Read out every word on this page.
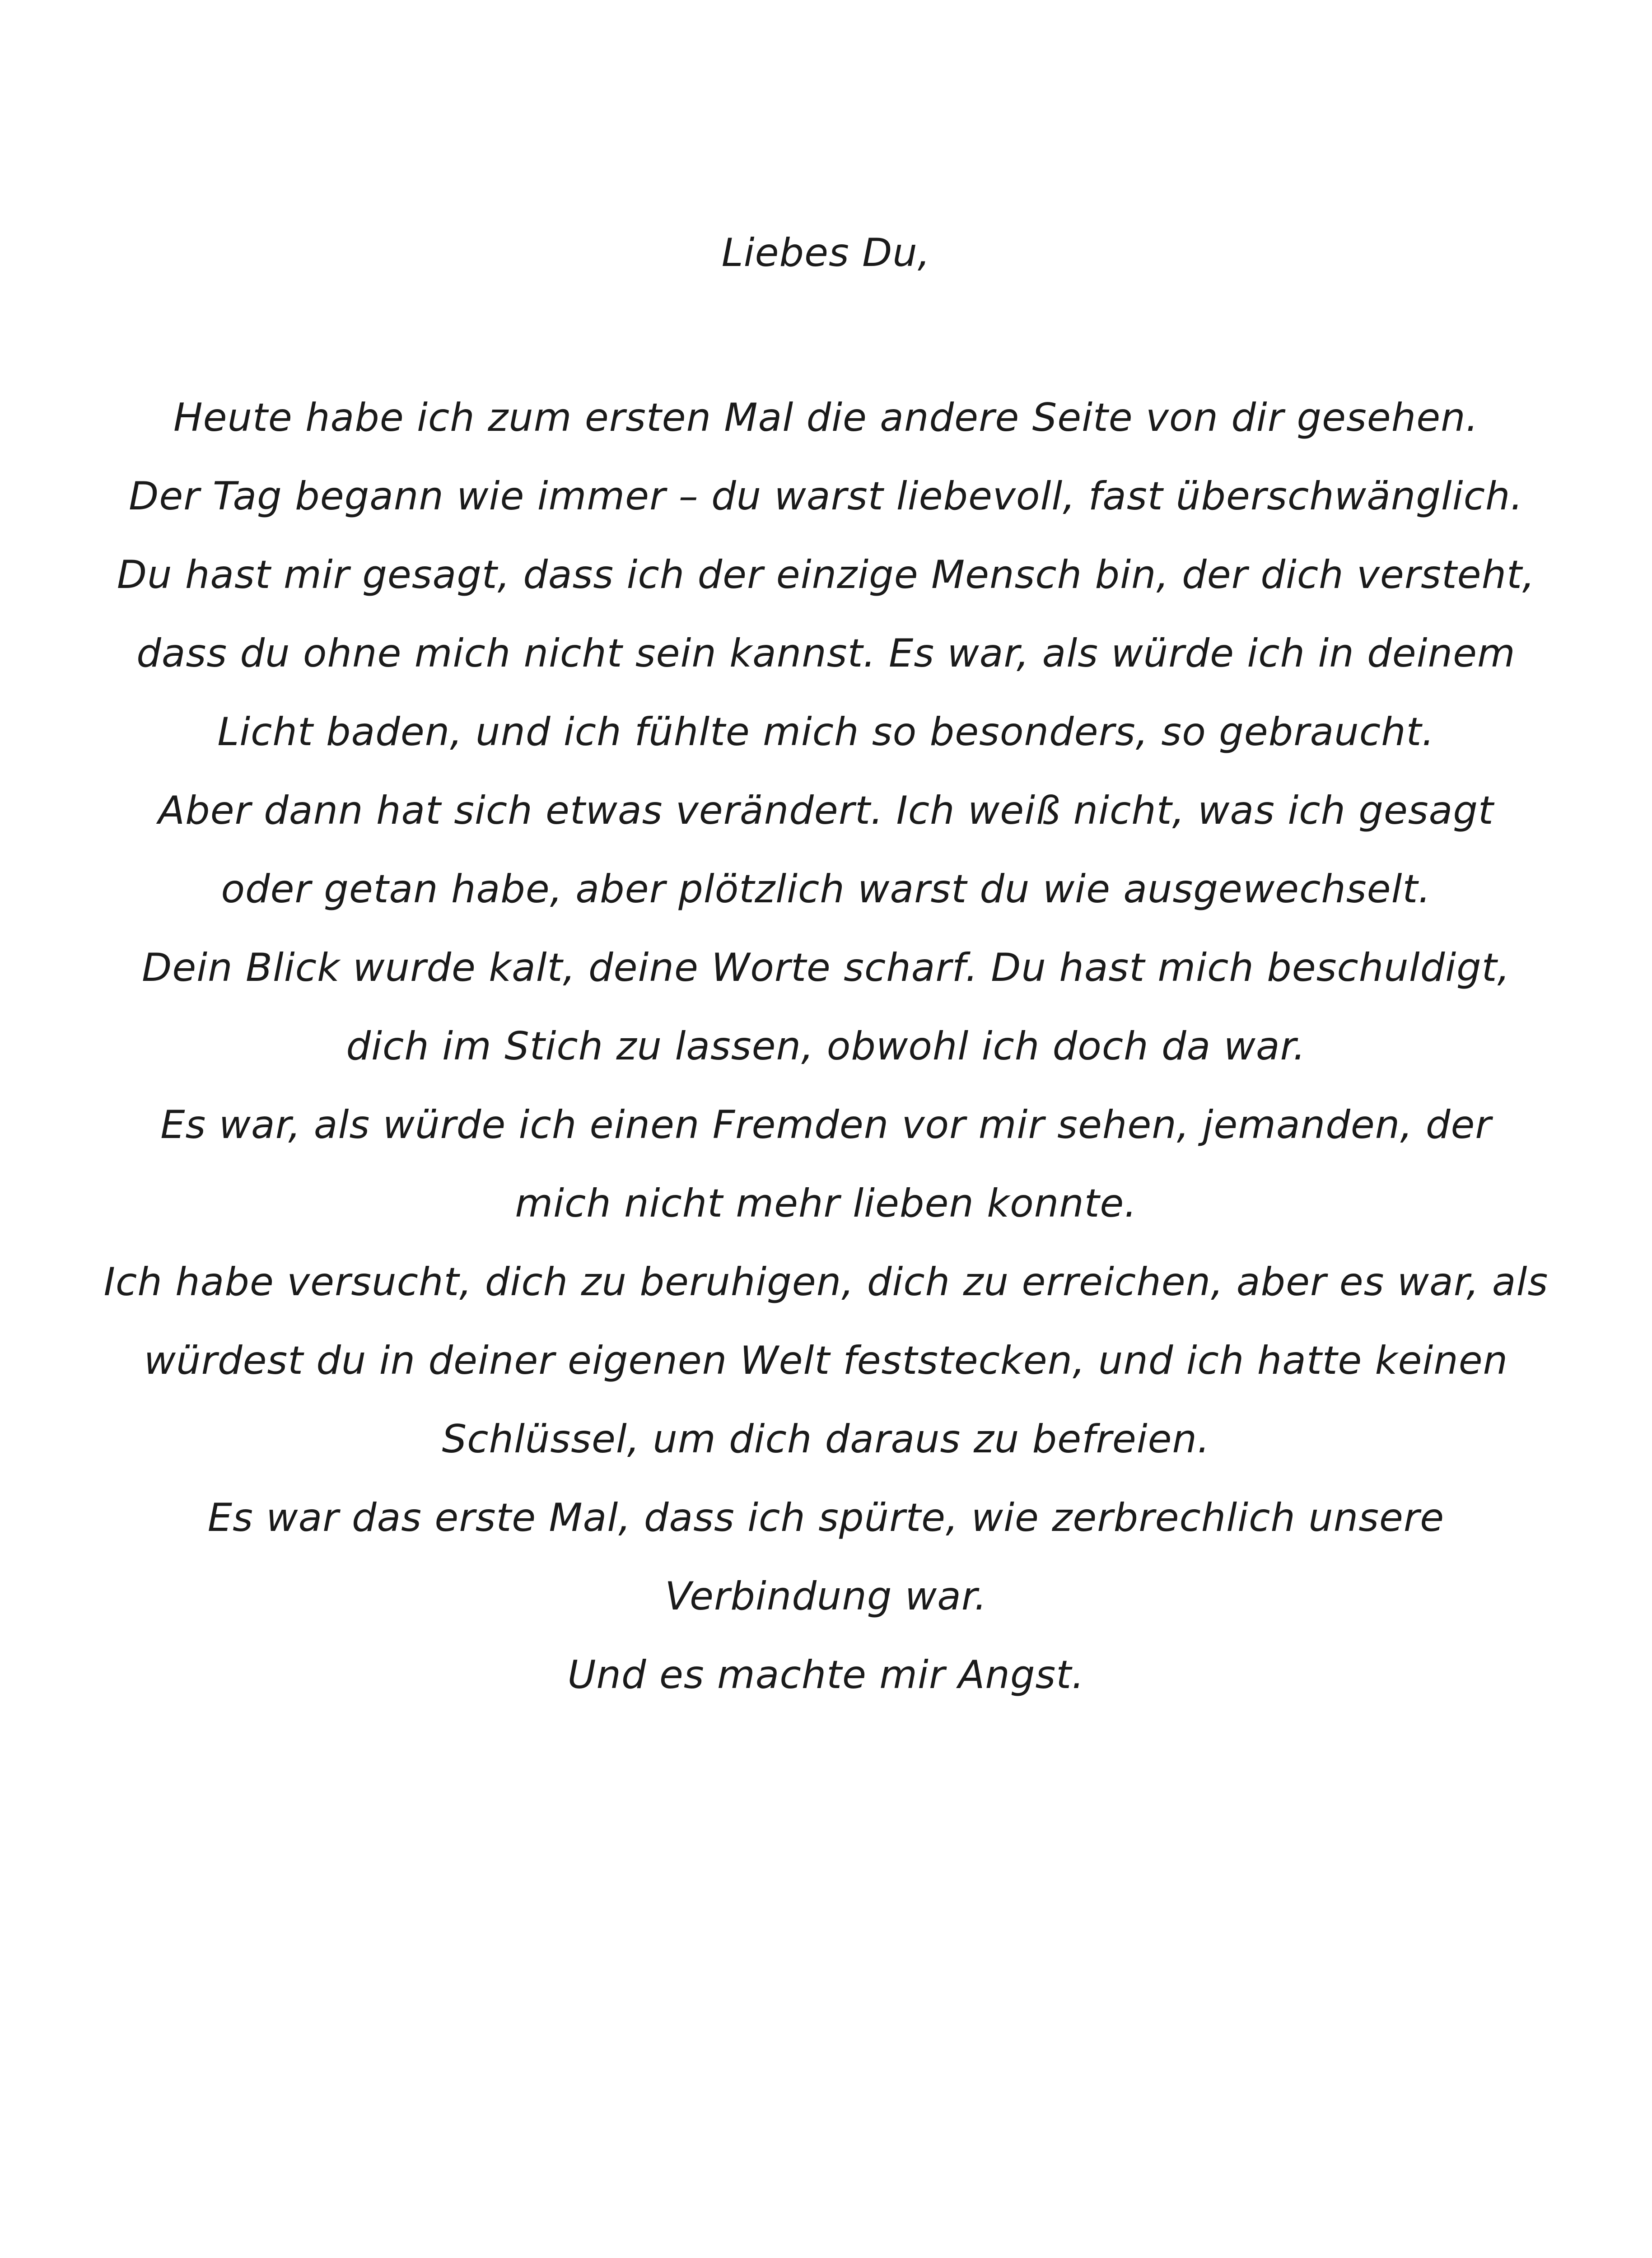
Liebes Du,

Heute habe ich zum ersten Mal die andere Seite von dir gesehen.
Der Tag begann wie immer – du warst liebevoll, fast überschwänglich.
Du hast mir gesagt, dass ich der einzige Mensch bin, der dich versteht,
dass du ohne mich nicht sein kannst. Es war, als würde ich in deinem
Licht baden, und ich fühlte mich so besonders, so gebraucht.
Aber dann hat sich etwas verändert. Ich weiß nicht, was ich gesagt
oder getan habe, aber plötzlich warst du wie ausgewechselt.
Dein Blick wurde kalt, deine Worte scharf. Du hast mich beschuldigt,
dich im Stich zu lassen, obwohl ich doch da war.
Es war, als würde ich einen Fremden vor mir sehen, jemanden, der
mich nicht mehr lieben konnte.
Ich habe versucht, dich zu beruhigen, dich zu erreichen, aber es war, als
würdest du in deiner eigenen Welt feststecken, und ich hatte keinen
Schlüssel, um dich daraus zu befreien.
Es war das erste Mal, dass ich spürte, wie zerbrechlich unsere
Verbindung war.
Und es machte mir Angst.
